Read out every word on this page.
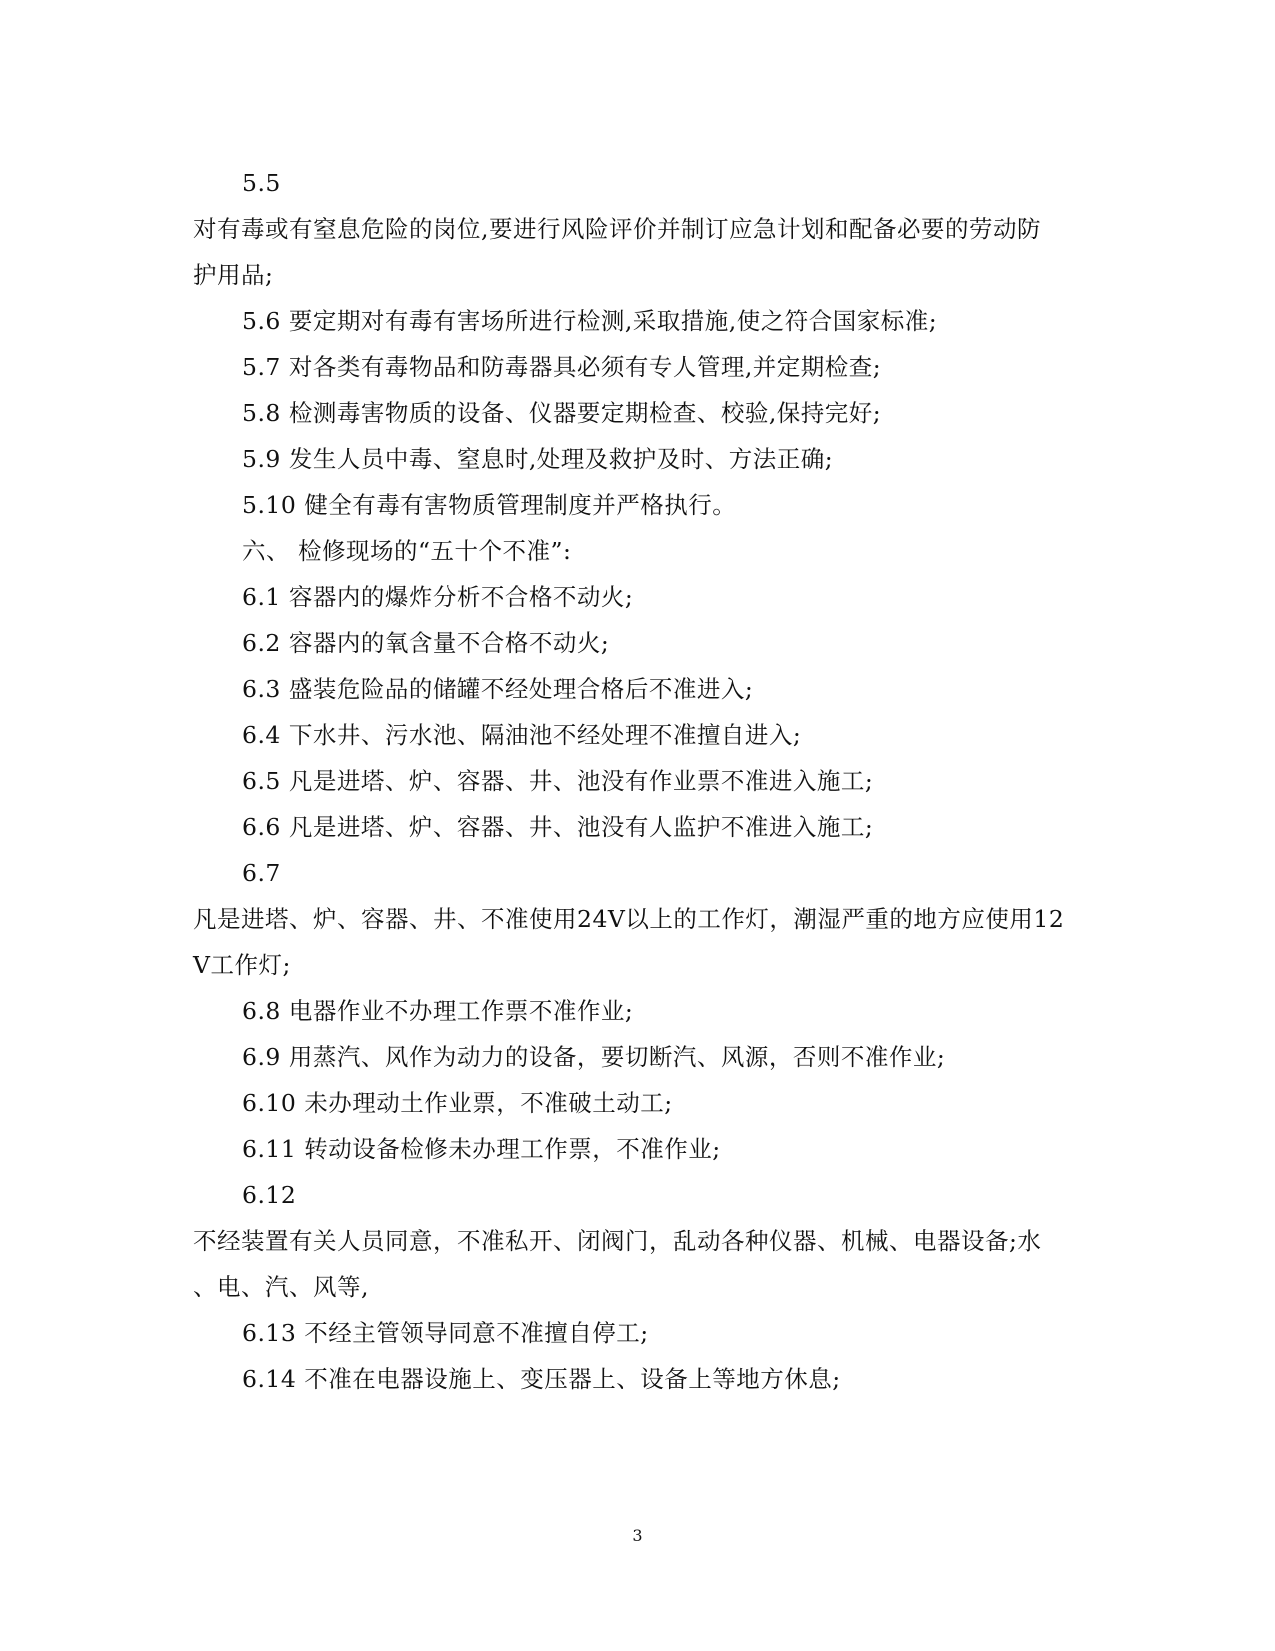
5.5
对有毒或有窒息危险的岗位,要进行风险评价并制订应急计划和配备必要的劳动防
护用品;
5.6 要定期对有毒有害场所进行检测,采取措施,使之符合国家标准;
5.7 对各类有毒物品和防毒器具必须有专人管理,并定期检查;
5.8 检测毒害物质的设备、仪器要定期检查、校验,保持完好;
5.9 发生人员中毒、窒息时,处理及救护及时、方法正确;
5.10 健全有毒有害物质管理制度并严格执行。
六、 检修现场的“五十个不准”:
6.1 容器内的爆炸分析不合格不动火;
6.2 容器内的氧含量不合格不动火;
6.3 盛装危险品的储罐不经处理合格后不准进入;
6.4 下水井、污水池、隔油池不经处理不准擅自进入;
6.5 凡是进塔、炉、容器、井、池没有作业票不准进入施工;
6.6 凡是进塔、炉、容器、井、池没有人监护不准进入施工;
6.7
凡是进塔、炉、容器、井、不准使用24V以上的工作灯，潮湿严重的地方应使用12
V工作灯;
6.8 电器作业不办理工作票不准作业;
6.9 用蒸汽、风作为动力的设备，要切断汽、风源，否则不准作业;
6.10 未办理动土作业票，不准破土动工;
6.11 转动设备检修未办理工作票，不准作业;
6.12
不经装置有关人员同意，不准私开、闭阀门，乱动各种仪器、机械、电器设备;水
、电、汽、风等,
6.13 不经主管领导同意不准擅自停工;
6.14 不准在电器设施上、变压器上、设备上等地方休息;
3
